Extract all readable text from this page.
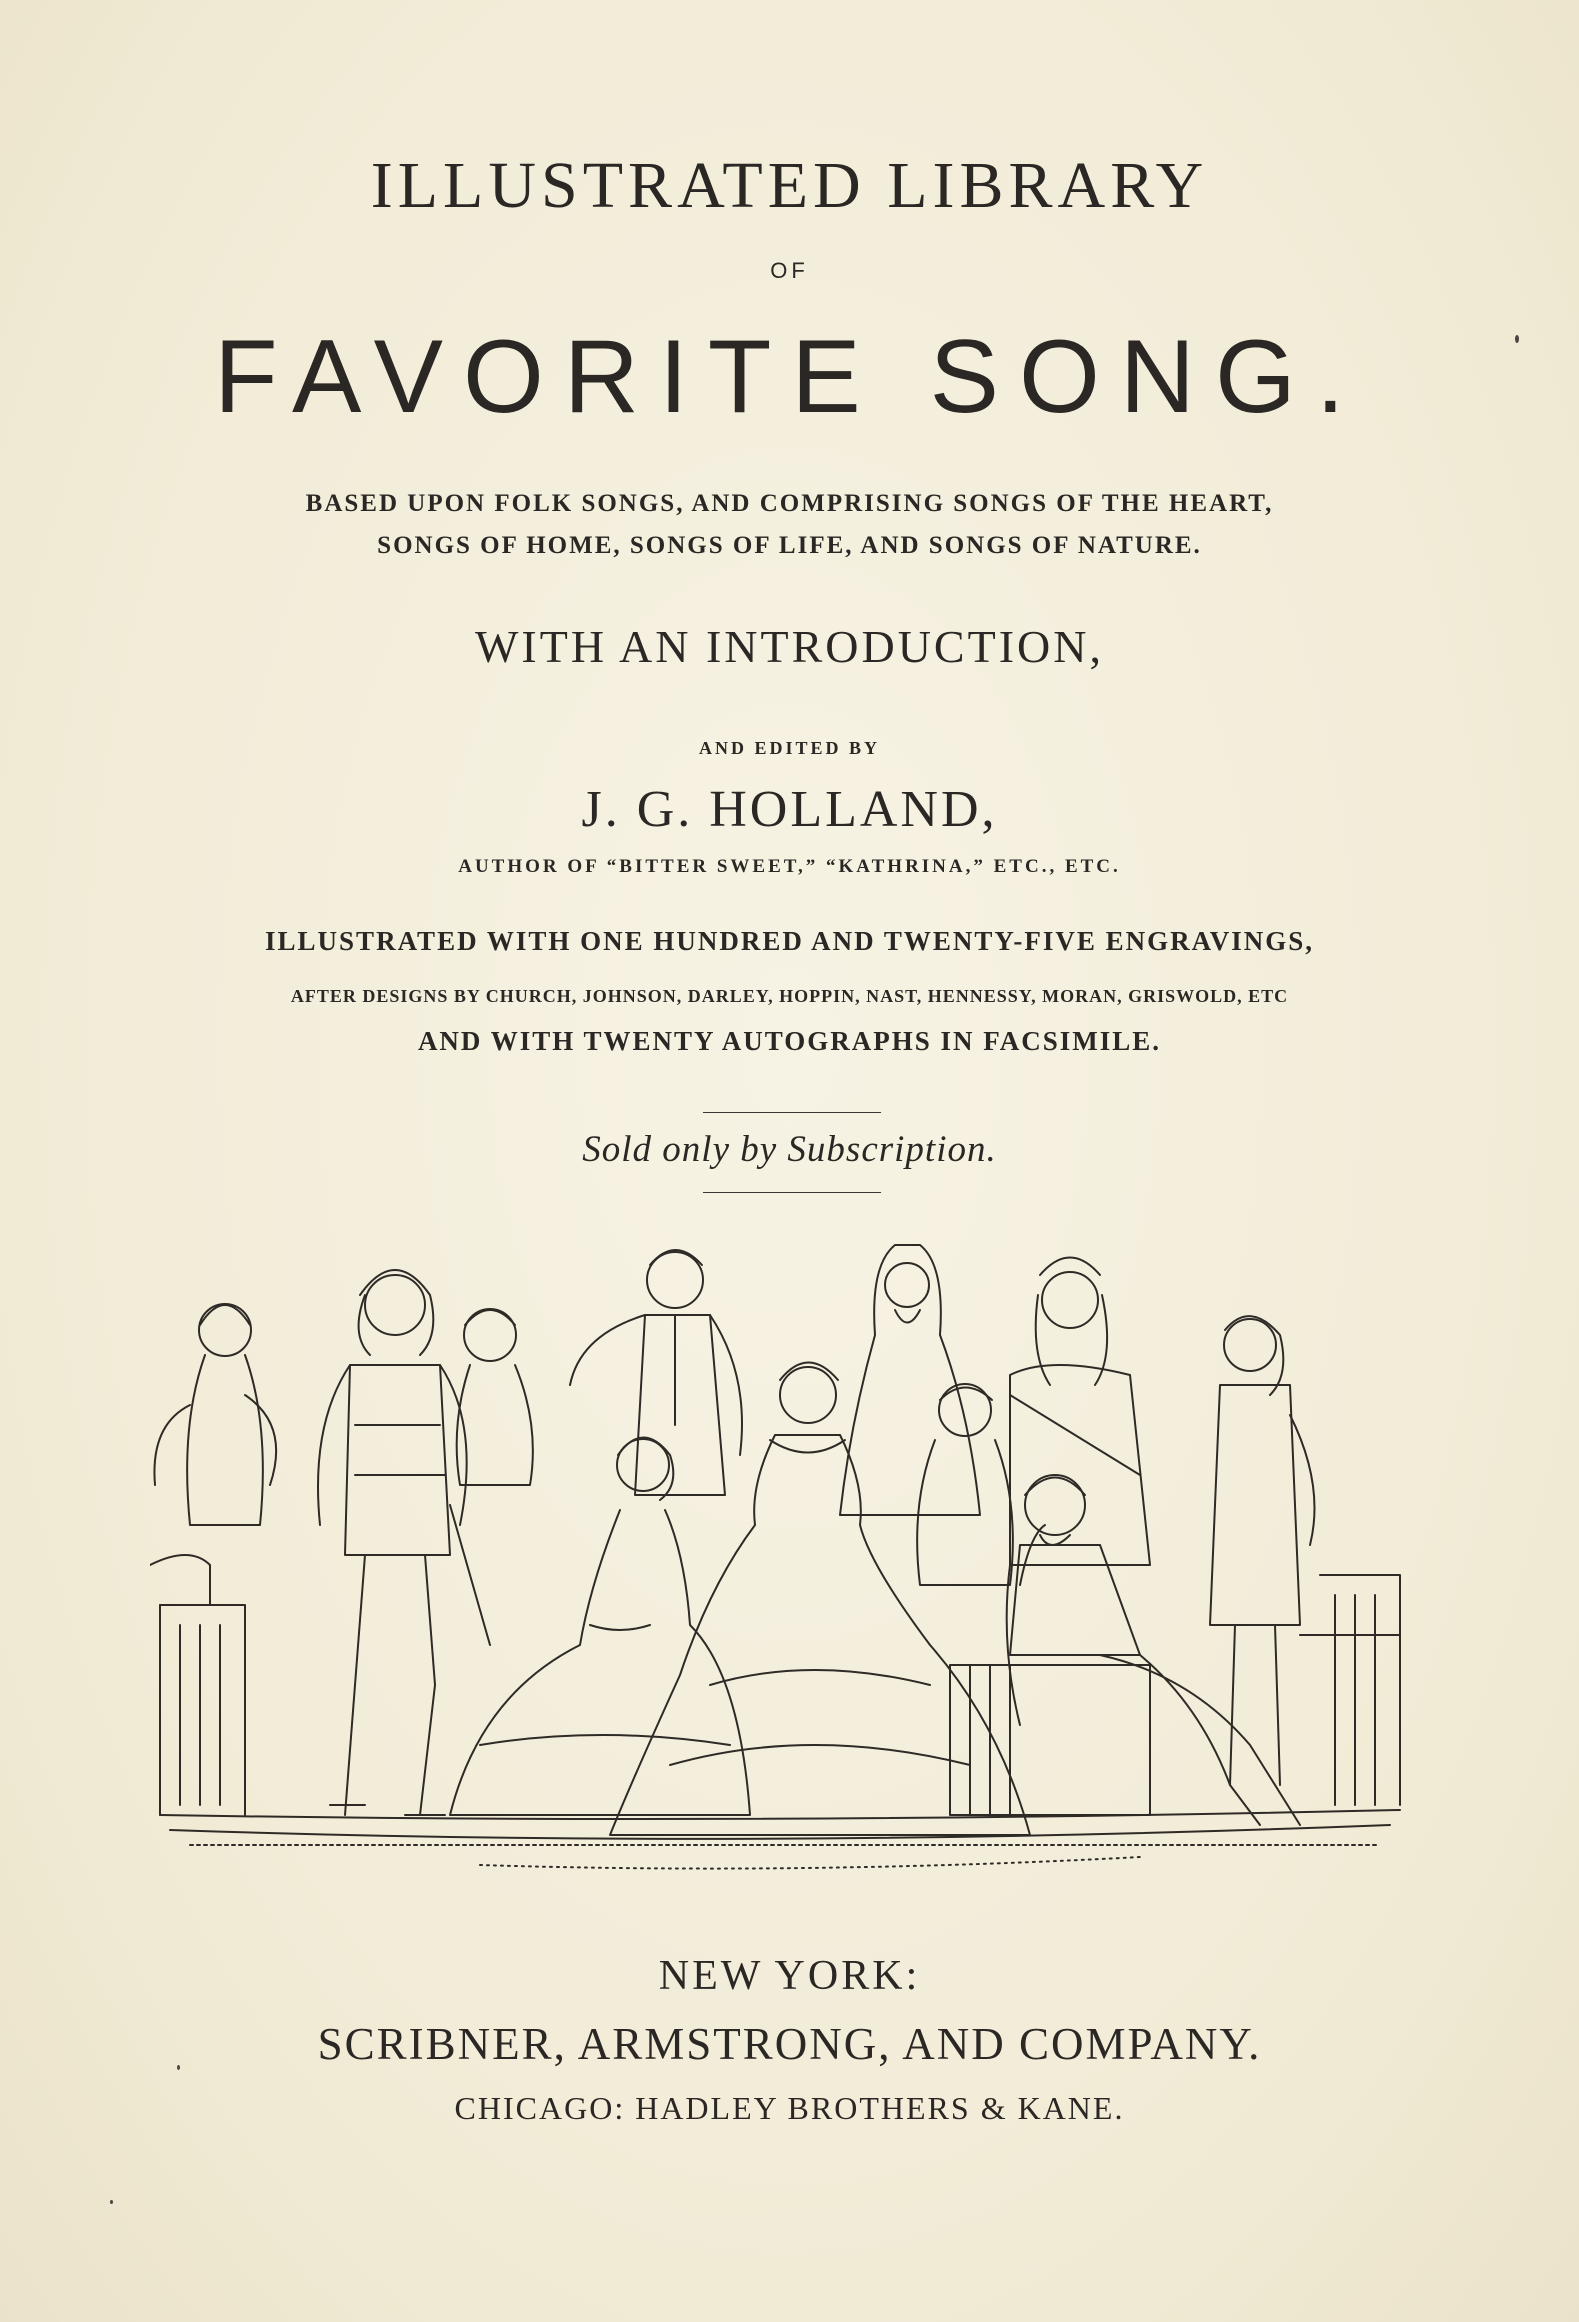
ILLUSTRATED LIBRARY
OF
FAVORITE SONG.
BASED UPON FOLK SONGS, AND COMPRISING SONGS OF THE HEART,
SONGS OF HOME, SONGS OF LIFE, AND SONGS OF NATURE.
WITH AN INTRODUCTION,
AND EDITED BY
J. G. HOLLAND,
AUTHOR OF “BITTER SWEET,” “KATHRINA,” ETC., ETC.
ILLUSTRATED WITH ONE HUNDRED AND TWENTY-FIVE ENGRAVINGS,
AFTER DESIGNS BY CHURCH, JOHNSON, DARLEY, HOPPIN, NAST, HENNESSY, MORAN, GRISWOLD, ETC
AND WITH TWENTY AUTOGRAPHS IN FACSIMILE.
Sold only by Subscription.
NEW YORK:
SCRIBNER, ARMSTRONG, AND COMPANY.
CHICAGO: HADLEY BROTHERS & KANE.
